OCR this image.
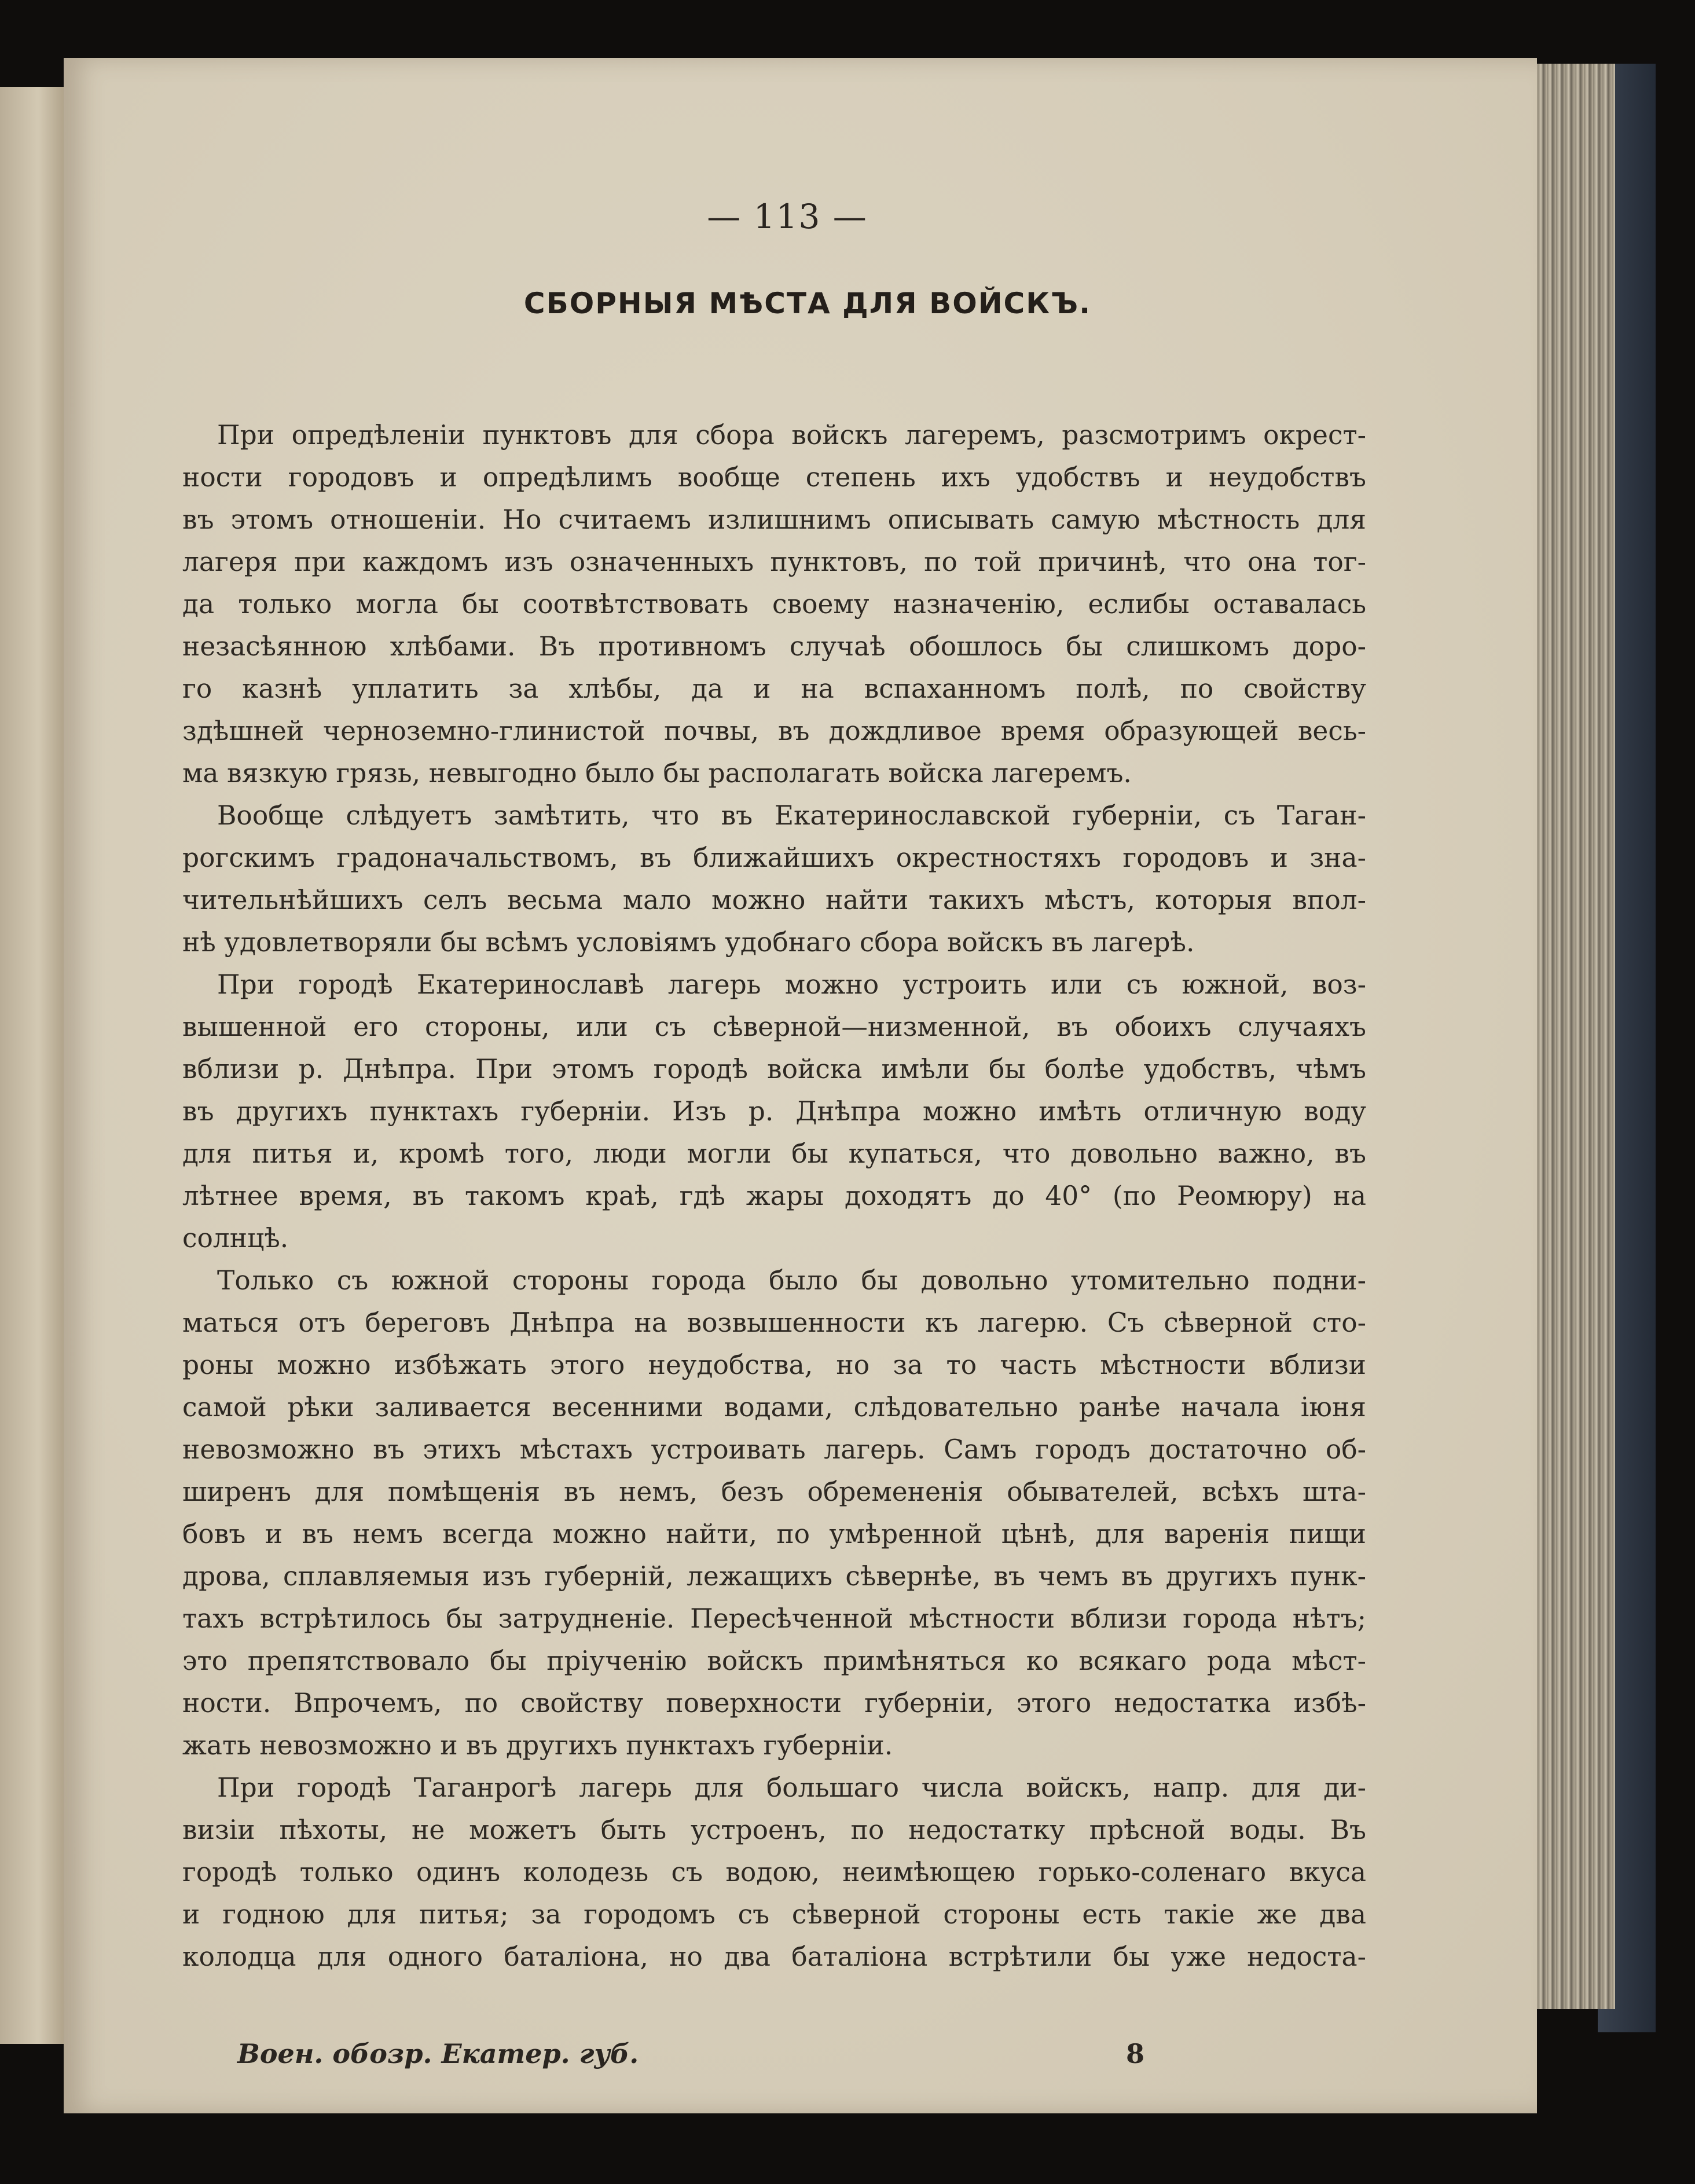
— 113 —
СБОРНЫЯ МѢСТА ДЛЯ ВОЙСКЪ.
При опредѣленіи пунктовъ для сбора войскъ лагеремъ, разсмотримъ окрест-
ности городовъ и опредѣлимъ вообще степень ихъ удобствъ и неудобствъ
въ этомъ отношеніи. Но считаемъ излишнимъ описывать самую мѣстность для
лагеря при каждомъ изъ означенныхъ пунктовъ, по той причинѣ, что она тог-
да только могла бы соотвѣтствовать своему назначенію, еслибы оставалась
незасѣянною хлѣбами. Въ противномъ случаѣ обошлось бы слишкомъ доро-
го казнѣ уплатить за хлѣбы, да и на вспаханномъ полѣ, по свойству
здѣшней черноземно-глинистой почвы, въ дождливое время образующей весь-
ма вязкую грязь, невыгодно было бы располагать войска лагеремъ.
Вообще слѣдуетъ замѣтить, что въ Екатеринославской губерніи, съ Таган-
рогскимъ градоначальствомъ, въ ближайшихъ окрестностяхъ городовъ и зна-
чительнѣйшихъ селъ весьма мало можно найти такихъ мѣстъ, которыя впол-
нѣ удовлетворяли бы всѣмъ условіямъ удобнаго сбора войскъ въ лагерѣ.
При городѣ Екатеринославѣ лагерь можно устроить или съ южной, воз-
вышенной его стороны, или съ сѣверной—низменной, въ обоихъ случаяхъ
вблизи р. Днѣпра. При этомъ городѣ войска имѣли бы болѣе удобствъ, чѣмъ
въ другихъ пунктахъ губерніи. Изъ р. Днѣпра можно имѣть отличную воду
для питья и, кромѣ того, люди могли бы купаться, что довольно важно, въ
лѣтнее время, въ такомъ краѣ, гдѣ жары доходятъ до 40° (по Реомюру) на
солнцѣ.
Только съ южной стороны города было бы довольно утомительно подни-
маться отъ береговъ Днѣпра на возвышенности къ лагерю. Съ сѣверной сто-
роны можно избѣжать этого неудобства, но за то часть мѣстности вблизи
самой рѣки заливается весенними водами, слѣдовательно ранѣе начала іюня
невозможно въ этихъ мѣстахъ устроивать лагерь. Самъ городъ достаточно об-
ширенъ для помѣщенія въ немъ, безъ обремененія обывателей, всѣхъ шта-
бовъ и въ немъ всегда можно найти, по умѣренной цѣнѣ, для варенія пищи
дрова, сплавляемыя изъ губерній, лежащихъ сѣвернѣе, въ чемъ въ другихъ пунк-
тахъ встрѣтилось бы затрудненіе. Пересѣченной мѣстности вблизи города нѣтъ;
это препятствовало бы пріученію войскъ примѣняться ко всякаго рода мѣст-
ности. Впрочемъ, по свойству поверхности губерніи, этого недостатка избѣ-
жать невозможно и въ другихъ пунктахъ губерніи.
При городѣ Таганрогѣ лагерь для большаго числа войскъ, напр. для ди-
визіи пѣхоты, не можетъ быть устроенъ, по недостатку прѣсной воды. Въ
городѣ только одинъ колодезь съ водою, неимѣющею горько-соленаго вкуса
и годною для питья; за городомъ съ сѣверной стороны есть такіе же два
колодца для одного баталіона, но два баталіона встрѣтили бы уже недоста-
Воен. обозр. Екатер. губ.	8
